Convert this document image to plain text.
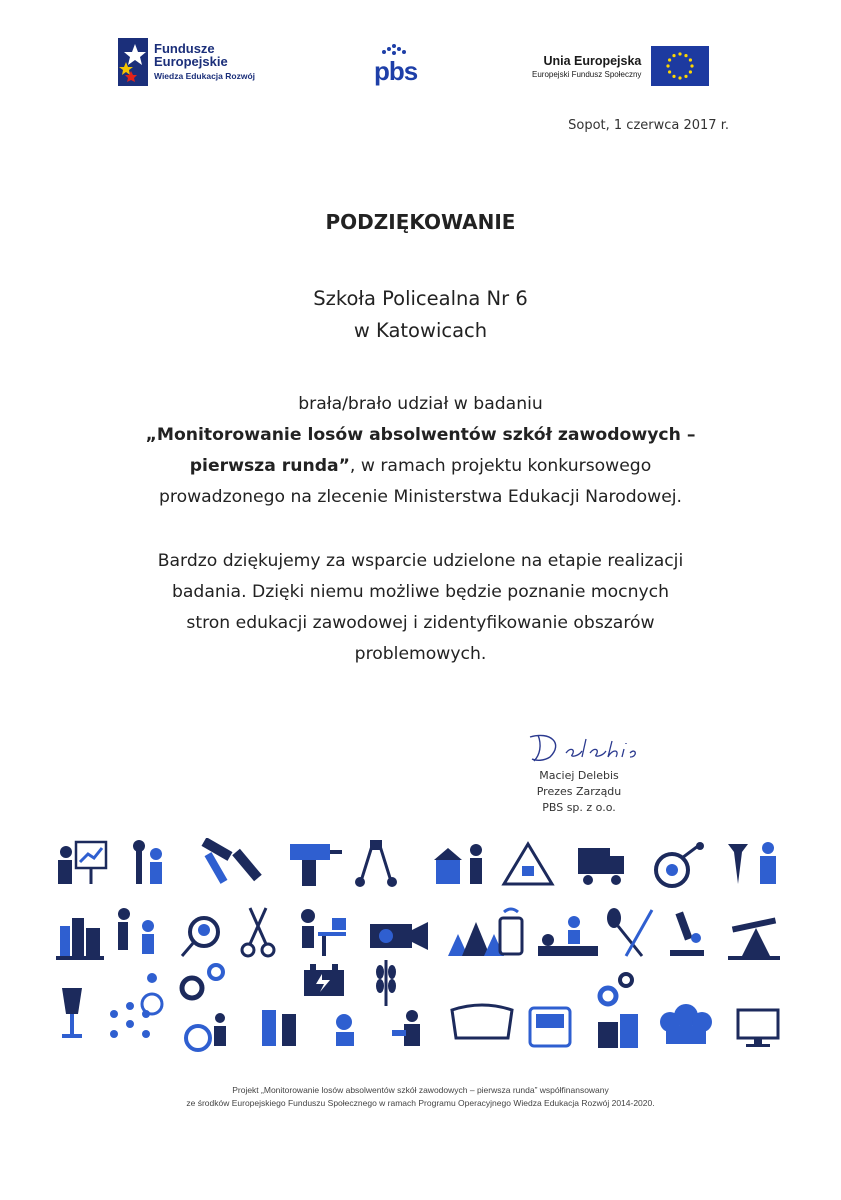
Fundusze
Europejskie
Wiedza Edukacja Rozwój	pbs	Unia Europejska
Europejski Fundusz Społeczny
Sopot, 1 czerwca 2017 r.
PODZIĘKOWANIE
Szkoła Policealna Nr 6
w Katowicach
brała/brało udział w badaniu
„Monitorowanie losów absolwentów szkół zawodowych –
pierwsza runda”, w ramach projektu konkursowego
prowadzonego na zlecenie Ministerstwa Edukacji Narodowej.
Bardzo dziękujemy za wsparcie udzielone na etapie realizacji
badania. Dzięki niemu możliwe będzie poznanie mocnych
stron edukacji zawodowej i zidentyfikowanie obszarów
problemowych.
Maciej Delebis
Prezes Zarządu
PBS sp. z o.o.
Projekt „Monitorowanie losów absolwentów szkół zawodowych – pierwsza runda” współfinansowany
ze środków Europejskiego Funduszu Społecznego w ramach Programu Operacyjnego Wiedza Edukacja Rozwój 2014-2020.
